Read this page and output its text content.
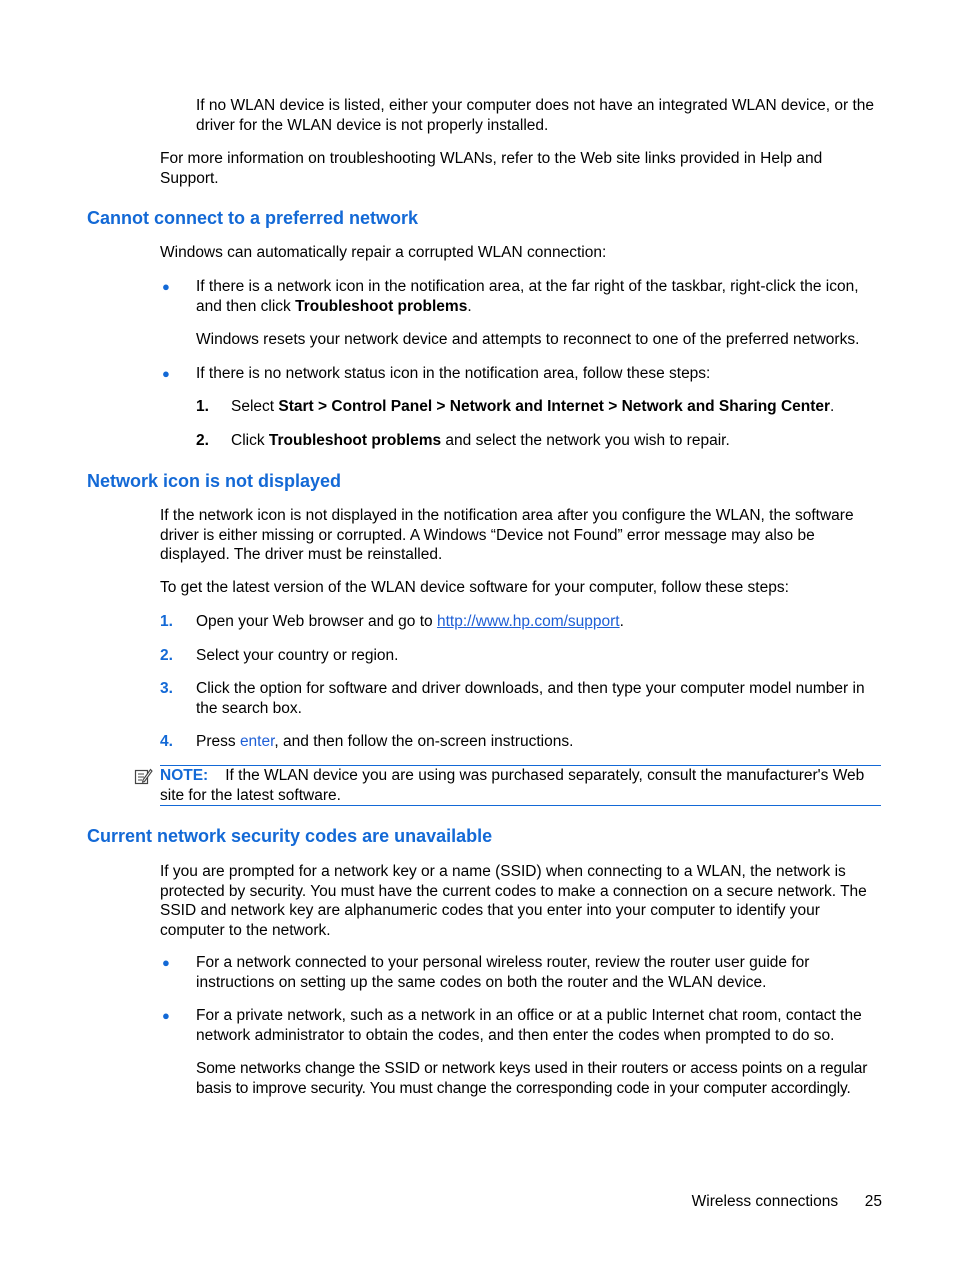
If no WLAN device is listed, either your computer does not have an integrated WLAN device, or the driver for the WLAN device is not properly installed.
For more information on troubleshooting WLANs, refer to the Web site links provided in Help and Support.
Cannot connect to a preferred network
Windows can automatically repair a corrupted WLAN connection:
● If there is a network icon in the notification area, at the far right of the taskbar, right-click the icon, and then click Troubleshoot problems.
Windows resets your network device and attempts to reconnect to one of the preferred networks.
● If there is no network status icon in the notification area, follow these steps:
1. Select Start > Control Panel > Network and Internet > Network and Sharing Center.
2. Click Troubleshoot problems and select the network you wish to repair.
Network icon is not displayed
If the network icon is not displayed in the notification area after you configure the WLAN, the software driver is either missing or corrupted. A Windows “Device not Found” error message may also be displayed. The driver must be reinstalled.
To get the latest version of the WLAN device software for your computer, follow these steps:
1. Open your Web browser and go to http://www.hp.com/support.
2. Select your country or region.
3. Click the option for software and driver downloads, and then type your computer model number in the search box.
4. Press enter, and then follow the on-screen instructions.
NOTE: If the WLAN device you are using was purchased separately, consult the manufacturer's Web site for the latest software.
Current network security codes are unavailable
If you are prompted for a network key or a name (SSID) when connecting to a WLAN, the network is protected by security. You must have the current codes to make a connection on a secure network. The SSID and network key are alphanumeric codes that you enter into your computer to identify your computer to the network.
● For a network connected to your personal wireless router, review the router user guide for instructions on setting up the same codes on both the router and the WLAN device.
● For a private network, such as a network in an office or at a public Internet chat room, contact the network administrator to obtain the codes, and then enter the codes when prompted to do so.
Some networks change the SSID or network keys used in their routers or access points on a regular basis to improve security. You must change the corresponding code in your computer accordingly.
Wireless connections 25
